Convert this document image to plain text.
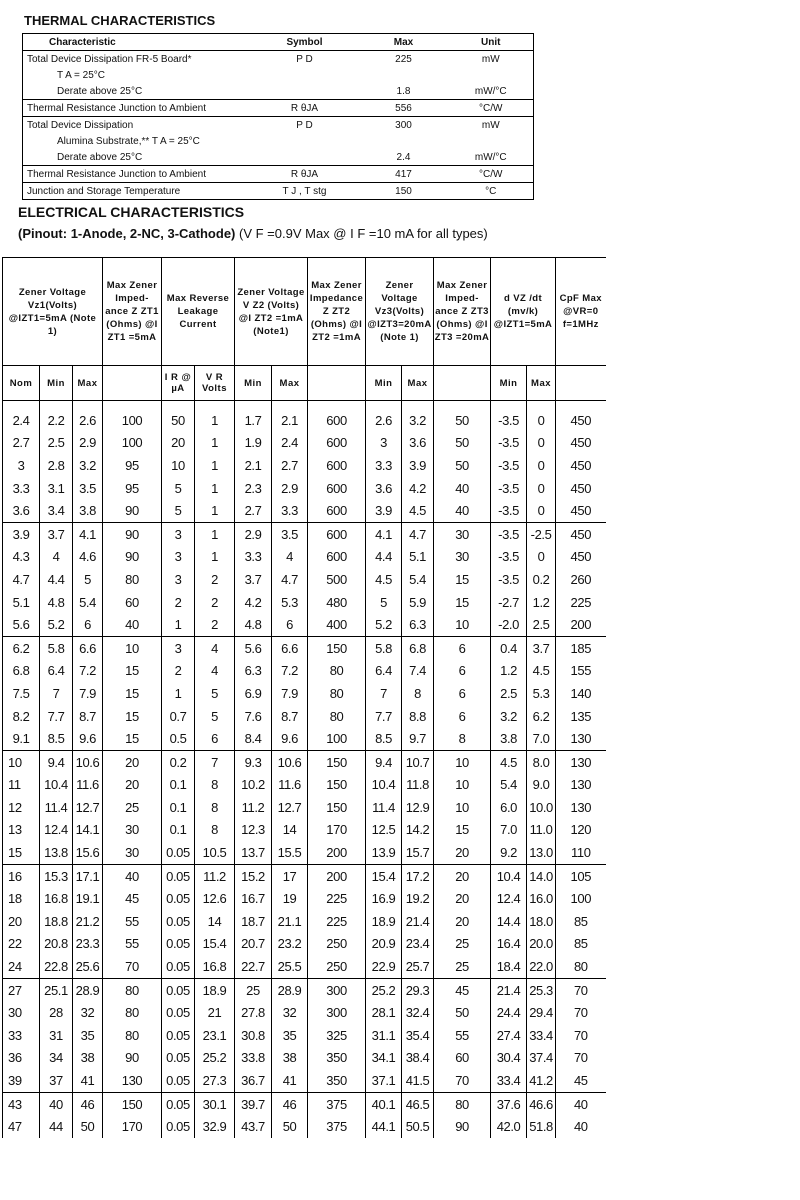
THERMAL CHARACTERISTICS
Characteristic	Symbol	Max	Unit
Total Device Dissipation FR-5 Board*	P D	225	mW
T A = 25°C			
Derate above 25°C		1.8	mW/°C
Thermal Resistance Junction to Ambient	R θJA	556	°C/W
Total Device Dissipation	P D	300	mW
Alumina Substrate,** T A = 25°C			
Derate above 25°C		2.4	mW/°C
Thermal Resistance Junction to Ambient	R θJA	417	°C/W
Junction and Storage Temperature	T J , T stg	150	°C
ELECTRICAL CHARACTERISTICS
(Pinout: 1-Anode, 2-NC, 3-Cathode) (V F =0.9V Max @ I F =10 mA for all types)
Zener Voltage Vz1(Volts) @IZT1=5mA (Note 1)			Max Zener Imped- ance Z ZT1 (Ohms) @I ZT1 =5mA	Max Reverse Leakage Current		Zener Voltage V Z2 (Volts) @I ZT2 =1mA (Note1)		Max Zener Impedance Z ZT2 (Ohms) @I ZT2 =1mA	Zener Voltage Vz3(Volts) @IZT3=20mA (Note 1)		Max Zener Imped- ance Z ZT3 (Ohms) @I ZT3 =20mA	d VZ /dt (mv/k) @IZT1=5mA		CpF Max @VR=0 f=1MHz
Nom	Min	Max		I R @ µA	V R Volts	Min	Max		Min	Max		Min	Max	
2.4	2.2	2.6	100	50	1	1.7	2.1	600	2.6	3.2	50	-3.5	0	450
2.7	2.5	2.9	100	20	1	1.9	2.4	600	3	3.6	50	-3.5	0	450
3	2.8	3.2	95	10	1	2.1	2.7	600	3.3	3.9	50	-3.5	0	450
3.3	3.1	3.5	95	5	1	2.3	2.9	600	3.6	4.2	40	-3.5	0	450
3.6	3.4	3.8	90	5	1	2.7	3.3	600	3.9	4.5	40	-3.5	0	450
3.9	3.7	4.1	90	3	1	2.9	3.5	600	4.1	4.7	30	-3.5	-2.5	450
4.3	4	4.6	90	3	1	3.3	4	600	4.4	5.1	30	-3.5	0	450
4.7	4.4	5	80	3	2	3.7	4.7	500	4.5	5.4	15	-3.5	0.2	260
5.1	4.8	5.4	60	2	2	4.2	5.3	480	5	5.9	15	-2.7	1.2	225
5.6	5.2	6	40	1	2	4.8	6	400	5.2	6.3	10	-2.0	2.5	200
6.2	5.8	6.6	10	3	4	5.6	6.6	150	5.8	6.8	6	0.4	3.7	185
6.8	6.4	7.2	15	2	4	6.3	7.2	80	6.4	7.4	6	1.2	4.5	155
7.5	7	7.9	15	1	5	6.9	7.9	80	7	8	6	2.5	5.3	140
8.2	7.7	8.7	15	0.7	5	7.6	8.7	80	7.7	8.8	6	3.2	6.2	135
9.1	8.5	9.6	15	0.5	6	8.4	9.6	100	8.5	9.7	8	3.8	7.0	130
10	9.4	10.6	20	0.2	7	9.3	10.6	150	9.4	10.7	10	4.5	8.0	130
11	10.4	11.6	20	0.1	8	10.2	11.6	150	10.4	11.8	10	5.4	9.0	130
12	11.4	12.7	25	0.1	8	11.2	12.7	150	11.4	12.9	10	6.0	10.0	130
13	12.4	14.1	30	0.1	8	12.3	14	170	12.5	14.2	15	7.0	11.0	120
15	13.8	15.6	30	0.05	10.5	13.7	15.5	200	13.9	15.7	20	9.2	13.0	110
16	15.3	17.1	40	0.05	11.2	15.2	17	200	15.4	17.2	20	10.4	14.0	105
18	16.8	19.1	45	0.05	12.6	16.7	19	225	16.9	19.2	20	12.4	16.0	100
20	18.8	21.2	55	0.05	14	18.7	21.1	225	18.9	21.4	20	14.4	18.0	85
22	20.8	23.3	55	0.05	15.4	20.7	23.2	250	20.9	23.4	25	16.4	20.0	85
24	22.8	25.6	70	0.05	16.8	22.7	25.5	250	22.9	25.7	25	18.4	22.0	80
27	25.1	28.9	80	0.05	18.9	25	28.9	300	25.2	29.3	45	21.4	25.3	70
30	28	32	80	0.05	21	27.8	32	300	28.1	32.4	50	24.4	29.4	70
33	31	35	80	0.05	23.1	30.8	35	325	31.1	35.4	55	27.4	33.4	70
36	34	38	90	0.05	25.2	33.8	38	350	34.1	38.4	60	30.4	37.4	70
39	37	41	130	0.05	27.3	36.7	41	350	37.1	41.5	70	33.4	41.2	45
43	40	46	150	0.05	30.1	39.7	46	375	40.1	46.5	80	37.6	46.6	40
47	44	50	170	0.05	32.9	43.7	50	375	44.1	50.5	90	42.0	51.8	40
